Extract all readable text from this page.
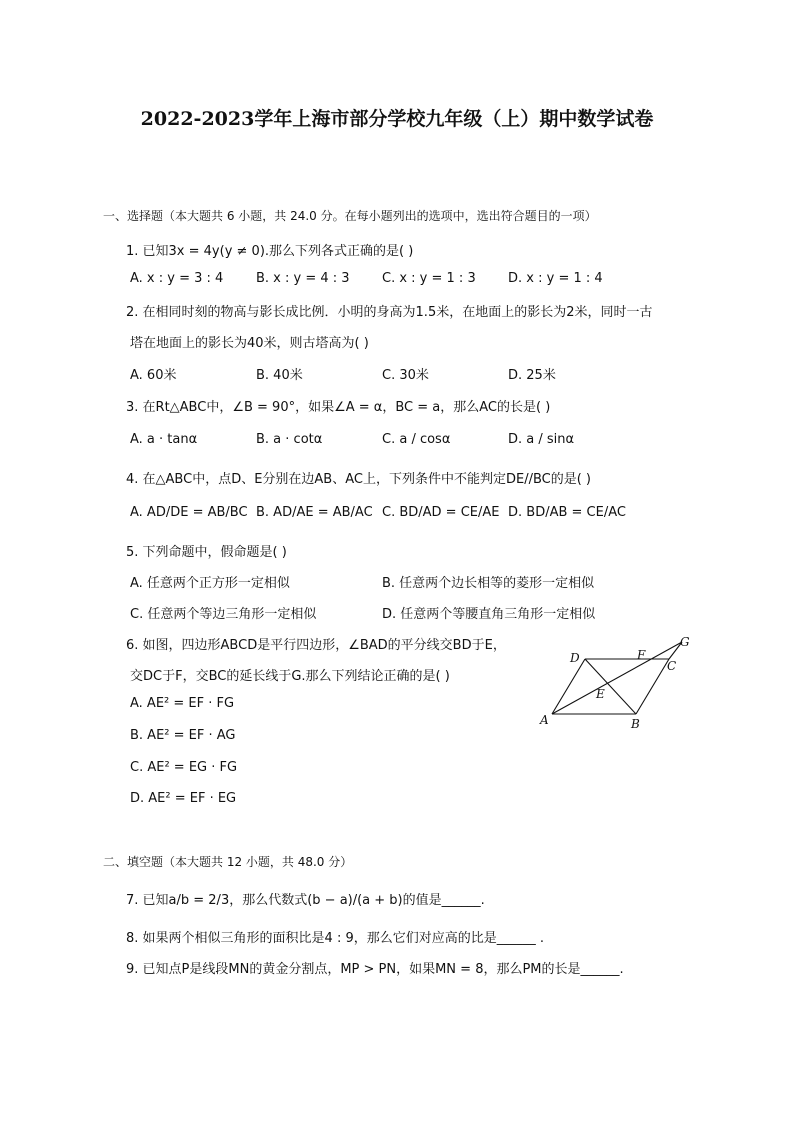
2022-2023学年上海市部分学校九年级（上）期中数学试卷
一、选择题（本大题共 6 小题，共 24.0 分。在每小题列出的选项中，选出符合题目的一项）
1. 已知3x = 4y(y ≠ 0).那么下列各式正确的是( )
A. x : y = 3 : 4	B. x : y = 4 : 3 C. x : y = 1 : 3 D. x : y = 1 : 4
2. 在相同时刻的物高与影长成比例．小明的身高为1.5米，在地面上的影长为2米，同时一古
塔在地面上的影长为40米，则古塔高为( )
A. 60米	B. 40米	C. 30米	D. 25米
3. 在Rt△ABC中，∠B = 90°，如果∠A = α，BC = a，那么AC的长是( )
A. a · tanα	B. a · cotα	C. a / cosα	D. a / sinα
4. 在△ABC中，点D、E分别在边AB、AC上，下列条件中不能判定DE//BC的是( )
A. AD/DE = AB/BC B. AD/AE = AB/AC C. BD/AD = CE/AE D. BD/AB = CE/AC
5. 下列命题中，假命题是( )
A. 任意两个正方形一定相似	B. 任意两个边长相等的菱形一定相似
C. 任意两个等边三角形一定相似	D. 任意两个等腰直角三角形一定相似
6. 如图，四边形ABCD是平行四边形，∠BAD的平分线交BD于E，
交DC于F，交BC的延长线于G.那么下列结论正确的是( )
A. AE² = EF · FG
B. AE² = EF · AG
C. AE² = EG · FG
D. AE² = EF · EG
D	F
G
C
E
A	B
二、填空题（本大题共 12 小题，共 48.0 分）
7. 已知a/b = 2/3，那么代数式(b − a)/(a + b)的值是______.
8. 如果两个相似三角形的面积比是4 : 9，那么它们对应高的比是______ .
9. 已知点P是线段MN的黄金分割点，MP > PN，如果MN = 8，那么PM的长是______.
